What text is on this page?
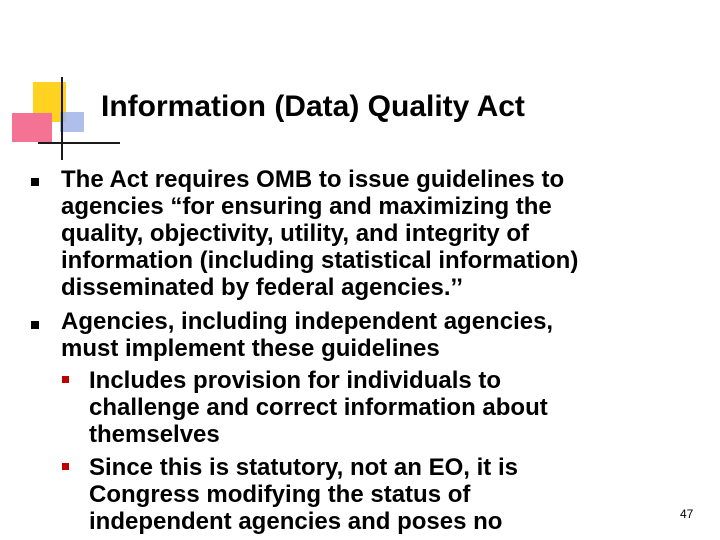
Information (Data) Quality Act
The Act requires OMB to issue guidelines to
agencies “for ensuring and maximizing the
quality, objectivity, utility, and integrity of
information (including statistical information)
disseminated by federal agencies.’’
Agencies, including independent agencies,
must implement these guidelines
Includes provision for individuals to
challenge and correct information about
themselves
Since this is statutory, not an EO, it is
Congress modifying the status of
independent agencies and poses no	47
